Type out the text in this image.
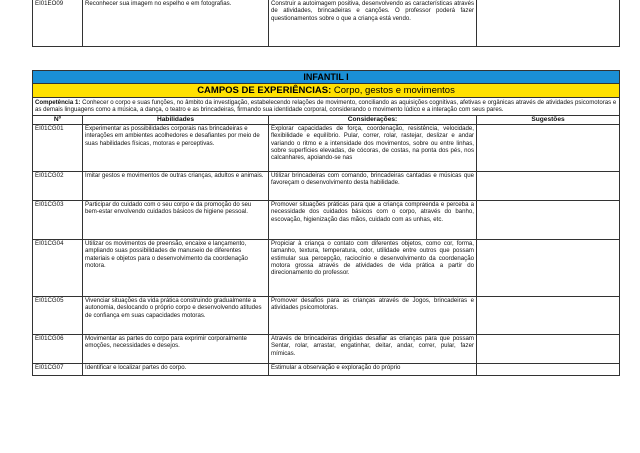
EI01EO09	Reconhecer sua imagem no espelho e em fotografias.	Construir a autoimagem positiva, desenvolvendo as características através de atividades, brincadeiras e canções. O professor poderá fazer questionamentos sobre o que a criança está vendo.	
INFANTIL I			
CAMPOS DE EXPERIÊNCIAS: Corpo, gestos e movimentos			
Competência 1: Conhecer o corpo e suas funções, no âmbito da investigação, estabelecendo relações de movimento, conciliando as aquisições cognitivas, afetivas e orgânicas através de atividades psicomotoras e as demais linguagens como a música, a dança, o teatro e as brincadeiras, firmando sua identidade corporal, considerando o movimento lúdico e a interação com seus pares.			
Nº	Habilidades	Considerações:	Sugestões
EI01CG01	Experimentar as possibilidades corporais nas brincadeiras e interações em ambientes acolhedores e desafiantes por meio de suas habilidades físicas, motoras e perceptivas.	Explorar capacidades de força, coordenação, resistência, velocidade, flexibilidade e equilíbrio. Pular, correr, rolar, rastejar, deslizar e andar variando o ritmo e a intensidade dos movimentos, sobre ou entre linhas, sobre superfícies elevadas, de cócoras, de costas, na ponta dos pés, nos calcanhares, apoiando-se nas	
EI01CG02	Imitar gestos e movimentos de outras crianças, adultos e animais.	Utilizar brincadeiras com comando, brincadeiras cantadas e músicas que favoreçam o desenvolvimento desta habilidade.	
EI01CG03	Participar do cuidado com o seu corpo e da promoção do seu bem-estar envolvendo cuidados básicos de higiene pessoal.	Promover situações práticas para que a criança compreenda e perceba a necessidade dos cuidados básicos com o corpo, através do banho, escovação, higienização das mãos, cuidado com as unhas, etc.	
EI01CG04	Utilizar os movimentos de preensão, encaixe e lançamento, ampliando suas possibilidades de manuseio de diferentes materiais e objetos para o desenvolvimento da coordenação motora.	Propiciar à criança o contato com diferentes objetos, como cor, forma, tamanho, textura, temperatura, odor, utilidade entre outros que possam estimular sua percepção, raciocínio e desenvolvimento da coordenação motora grossa através de atividades de vida prática a partir do direcionamento do professor.	
EI01CG05	Vivenciar situações da vida prática construindo gradualmente a autonomia, deslocando o próprio corpo e desenvolvendo atitudes de confiança em suas capacidades motoras.	Promover desafios para as crianças através de Jogos, brincadeiras e atividades psicomotoras.	
EI01CG06	Movimentar as partes do corpo para exprimir corporalmente emoções, necessidades e desejos.	Através de brincadeiras dirigidas desafiar as crianças para que possam Sentar, rolar, arrastar, engatinhar, deitar, andar, correr, pular, fazer mímicas.	
EI01CG07	Identificar e localizar partes do corpo.	Estimular a observação e exploração do próprio	
